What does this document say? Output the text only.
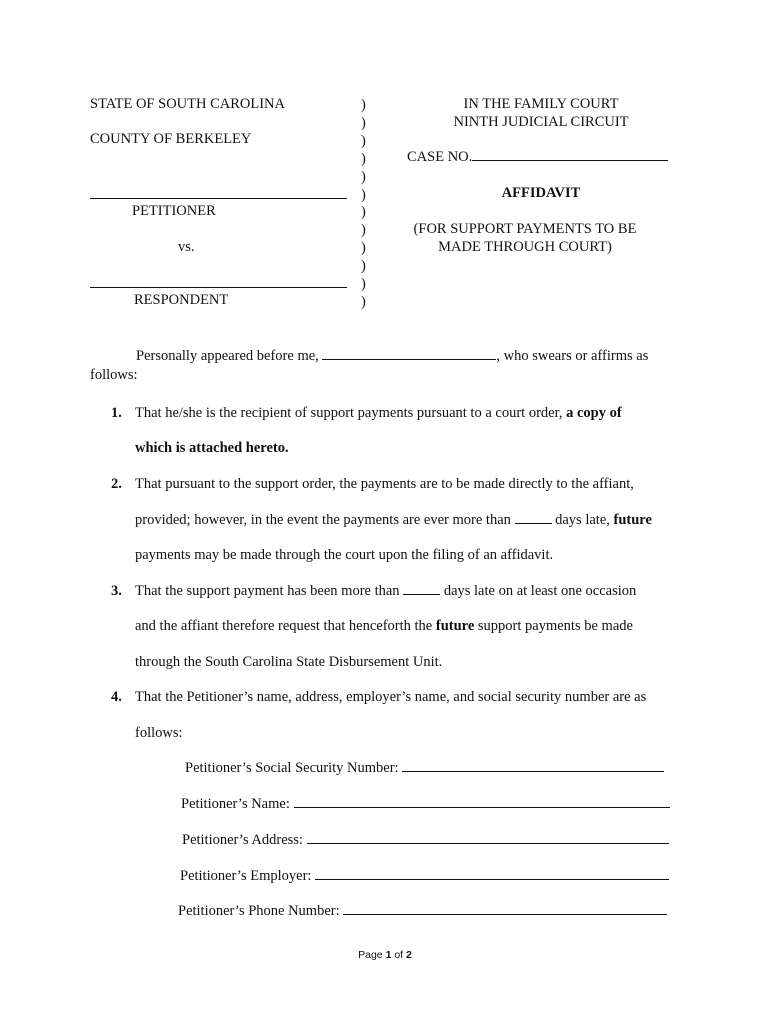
STATE OF SOUTH CAROLINA
COUNTY OF BERKELEY
PETITIONER
vs.
RESPONDENT
)
)
)
)
)
)
)
)
)
)
)
)
IN THE FAMILY COURT
NINTH JUDICIAL CIRCUIT
CASE NO.
AFFIDAVIT
(FOR SUPPORT PAYMENTS TO BE
MADE THROUGH COURT)
Personally appeared before me,	, who swears or affirms as
follows:
1. That he/she is the recipient of support payments pursuant to a court order, a copy of
which is attached hereto.
2. That pursuant to the support order, the payments are to be made directly to the affiant,
provided; however, in the event the payments are ever more than	days late, future
payments may be made through the court upon the filing of an affidavit.
3. That the support payment has been more than	days late on at least one occasion
and the affiant therefore request that henceforth the future support payments be made
through the South Carolina State Disbursement Unit.
4. That the Petitioner’s name, address, employer’s name, and social security number are as
follows:
Petitioner’s Social Security Number:
Petitioner’s Name:
Petitioner’s Address:
Petitioner’s Employer:
Petitioner’s Phone Number:
Page 1 of 2
